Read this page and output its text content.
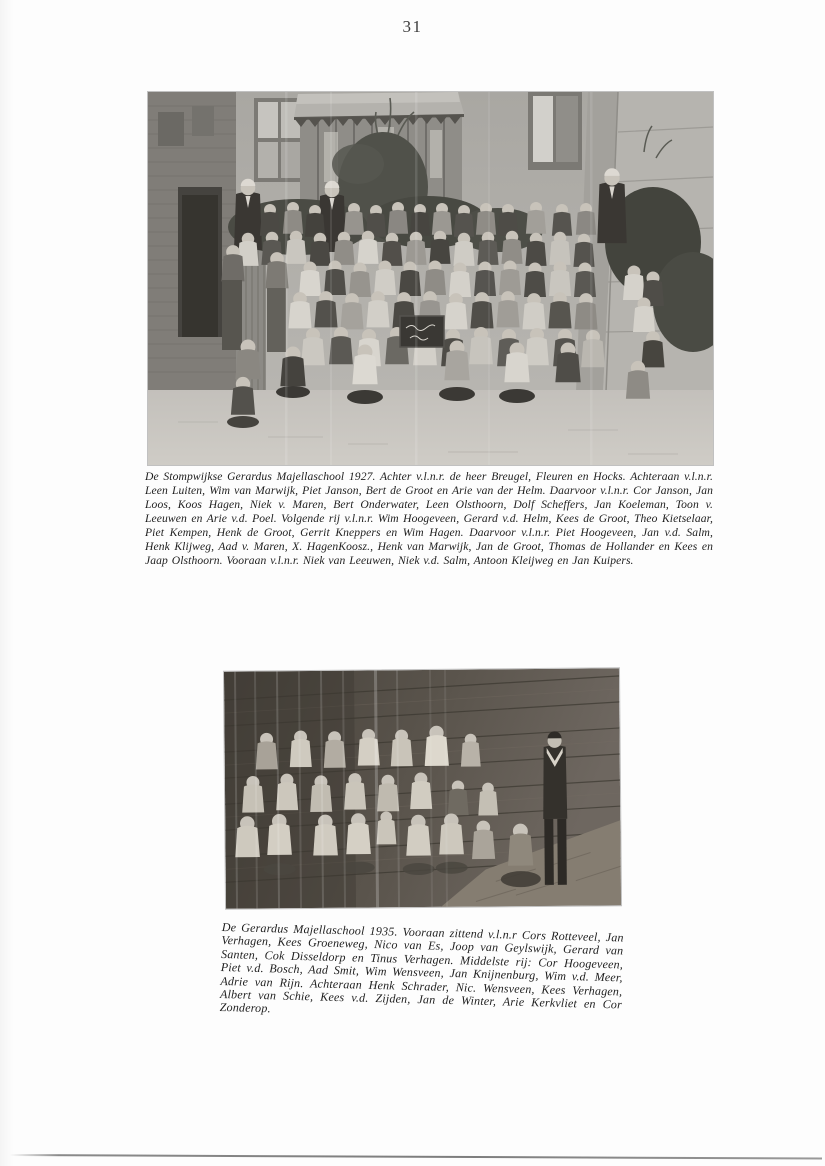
31

De Stompwijkse Gerardus Majellaschool 1927. Achter v.l.n.r. de heer Breugel, Fleuren en Hocks. Achteraan v.l.n.r. Leen Luiten, Wim van Marwijk, Piet Janson, Bert de Groot en Arie van der Helm. Daarvoor v.l.n.r. Cor Janson, Jan Loos, Koos Hagen, Niek v. Maren, Bert Onderwater, Leen Olsthoorn, Dolf Scheffers, Jan Koeleman, Toon v. Leeuwen en Arie v.d. Poel. Volgende rij v.l.n.r. Wim Hoogeveen, Gerard v.d. Helm, Kees de Groot, Theo Kietselaar, Piet Kempen, Henk de Groot, Gerrit Kneppers en Wim Hagen. Daarvoor v.l.n.r. Piet Hoogeveen, Jan v.d. Salm, Henk Klijweg, Aad v. Maren, X. HagenKoosz., Henk van Marwijk, Jan de Groot, Thomas de Hollander en Kees en Jaap Olsthoorn. Vooraan v.l.n.r. Niek van Leeuwen, Niek v.d. Salm, Antoon Kleijweg en Jan Kuipers.

De Gerardus Majellaschool 1935. Vooraan zittend v.l.n.r Cors Rotteveel, Jan Verhagen, Kees Groeneweg, Nico van Es, Joop van Geylswijk, Gerard van Santen, Cok Disseldorp en Tinus Verhagen. Middelste rij: Cor Hoogeveen, Piet v.d. Bosch, Aad Smit, Wim Wensveen, Jan Knijnenburg, Wim v.d. Meer, Adrie van Rijn. Achteraan Henk Schrader, Nic. Wensveen, Kees Verhagen, Albert van Schie, Kees v.d. Zijden, Jan de Winter, Arie Kerkvliet en Cor Zonderop.
